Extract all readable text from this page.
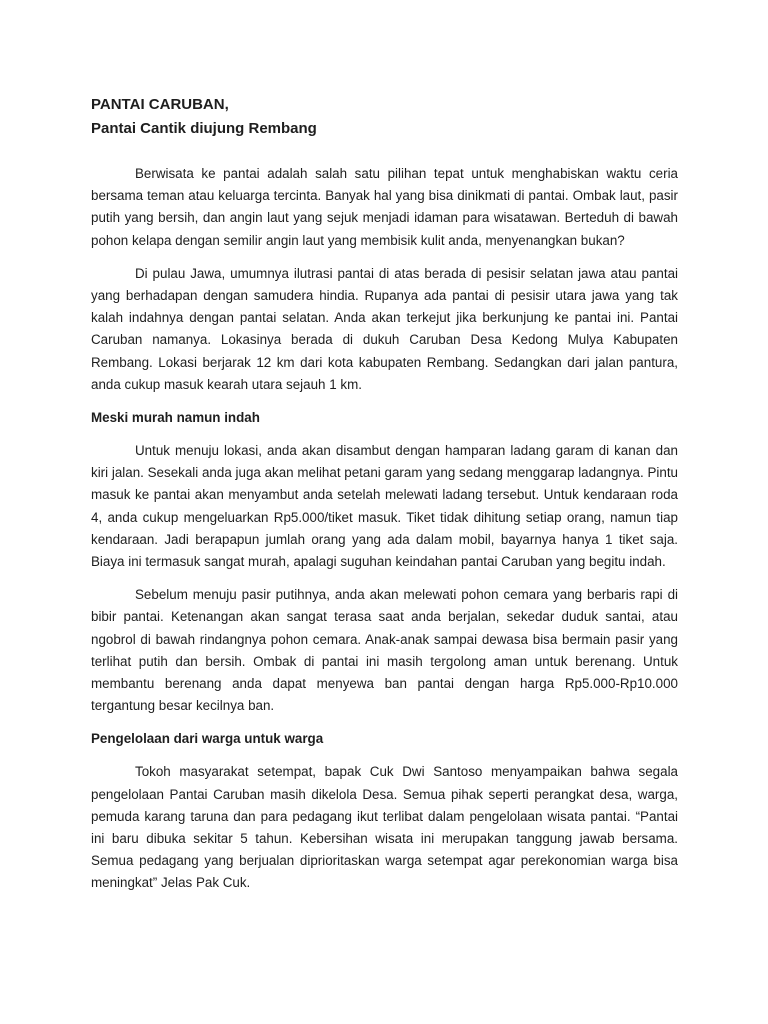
PANTAI CARUBAN,
Pantai Cantik diujung Rembang

Berwisata ke pantai adalah salah satu pilihan tepat untuk menghabiskan waktu ceria bersama teman atau keluarga tercinta. Banyak hal yang bisa dinikmati di pantai. Ombak laut, pasir putih yang bersih, dan angin laut yang sejuk menjadi idaman para wisatawan. Berteduh di bawah pohon kelapa dengan semilir angin laut yang membisik kulit anda, menyenangkan bukan?

Di pulau Jawa, umumnya ilutrasi pantai di atas berada di pesisir selatan jawa atau pantai yang berhadapan dengan samudera hindia. Rupanya ada pantai di pesisir utara jawa yang tak kalah indahnya dengan pantai selatan. Anda akan terkejut jika berkunjung ke pantai ini. Pantai Caruban namanya. Lokasinya berada di dukuh Caruban Desa Kedong Mulya Kabupaten Rembang. Lokasi berjarak 12 km dari kota kabupaten Rembang. Sedangkan dari jalan pantura, anda cukup masuk kearah utara sejauh 1 km.

Meski murah namun indah

Untuk menuju lokasi, anda akan disambut dengan hamparan ladang garam di kanan dan kiri jalan. Sesekali anda juga akan melihat petani garam yang sedang menggarap ladangnya. Pintu masuk ke pantai akan menyambut anda setelah melewati ladang tersebut. Untuk kendaraan roda 4, anda cukup mengeluarkan Rp5.000/tiket masuk. Tiket tidak dihitung setiap orang, namun tiap kendaraan. Jadi berapapun jumlah orang yang ada dalam mobil, bayarnya hanya 1 tiket saja. Biaya ini termasuk sangat murah, apalagi suguhan keindahan pantai Caruban yang begitu indah.

Sebelum menuju pasir putihnya, anda akan melewati pohon cemara yang berbaris rapi di bibir pantai. Ketenangan akan sangat terasa saat anda berjalan, sekedar duduk santai, atau ngobrol di bawah rindangnya pohon cemara. Anak-anak sampai dewasa bisa bermain pasir yang terlihat putih dan bersih. Ombak di pantai ini masih tergolong aman untuk berenang. Untuk membantu berenang anda dapat menyewa ban pantai dengan harga Rp5.000-Rp10.000 tergantung besar kecilnya ban.

Pengelolaan dari warga untuk warga

Tokoh masyarakat setempat, bapak Cuk Dwi Santoso menyampaikan bahwa segala pengelolaan Pantai Caruban masih dikelola Desa. Semua pihak seperti perangkat desa, warga, pemuda karang taruna dan para pedagang ikut terlibat dalam pengelolaan wisata pantai. “Pantai ini baru dibuka sekitar 5 tahun. Kebersihan wisata ini merupakan tanggung jawab bersama. Semua pedagang yang berjualan diprioritaskan warga setempat agar perekonomian warga bisa meningkat” Jelas Pak Cuk.
